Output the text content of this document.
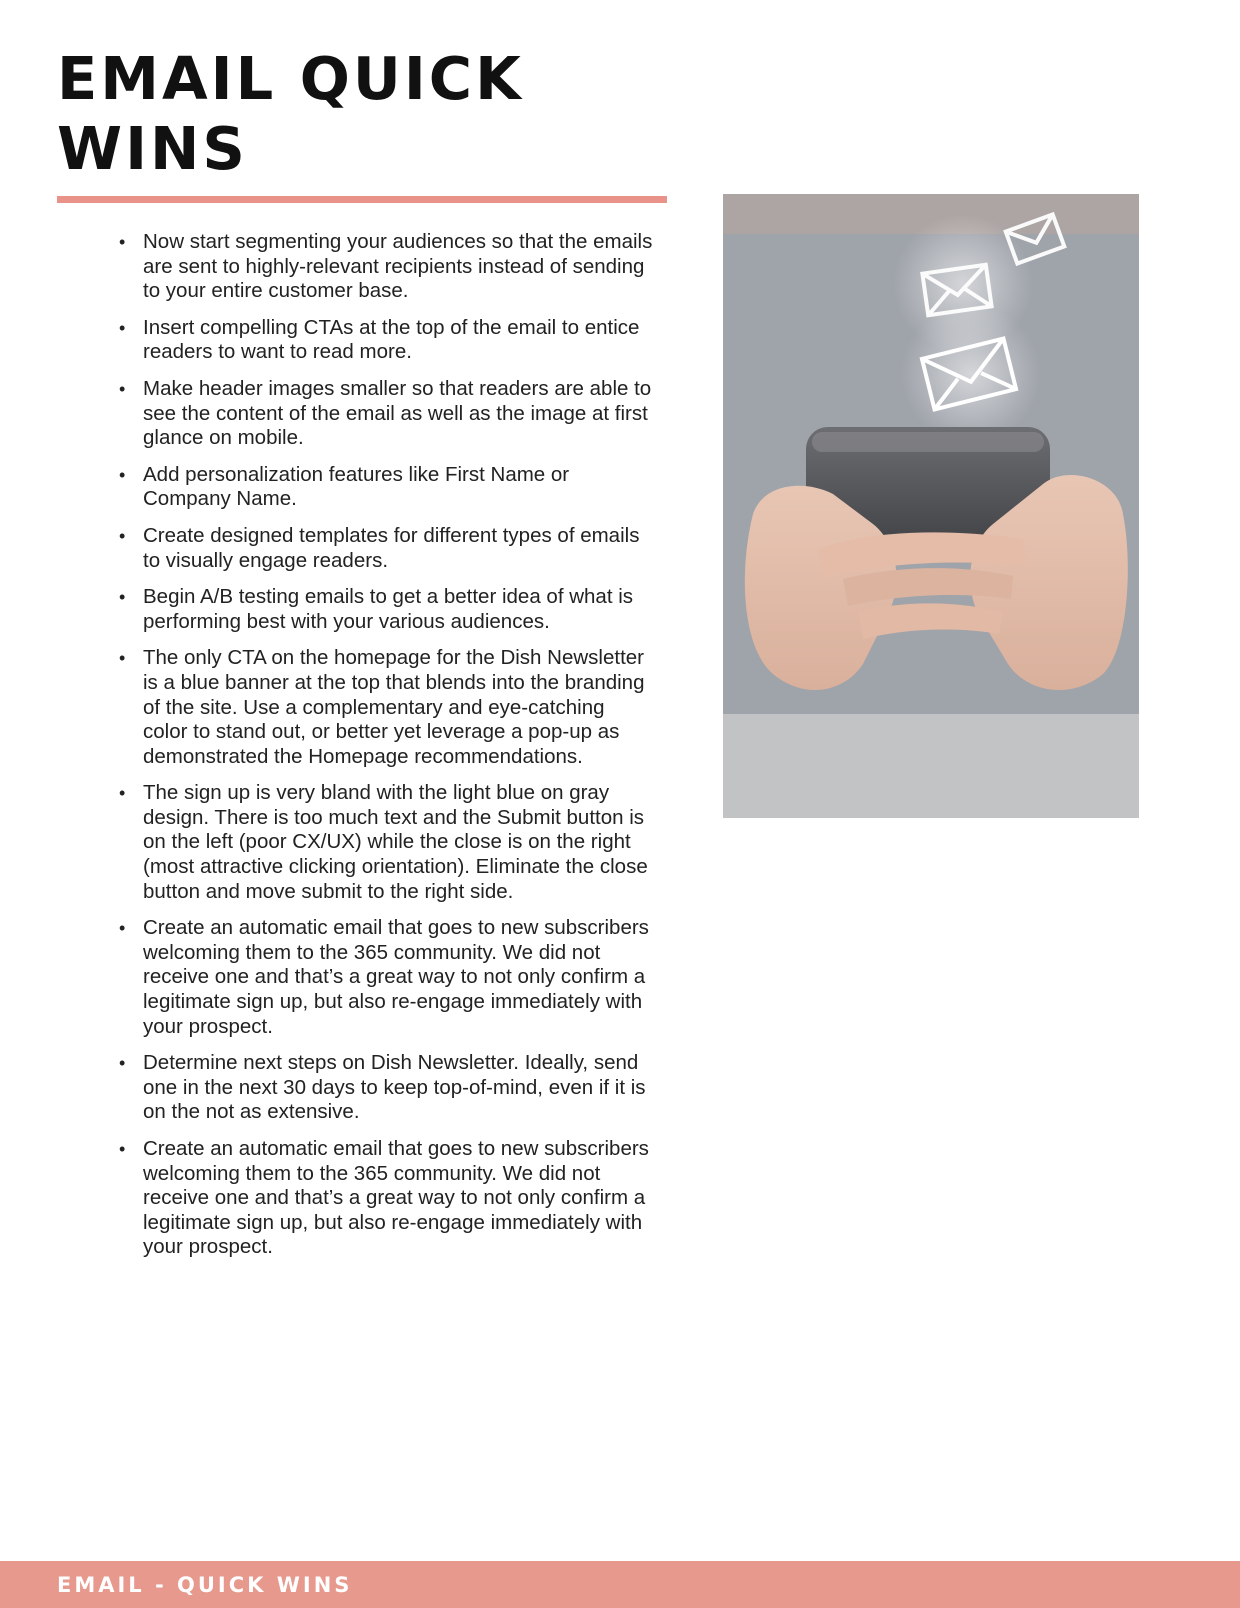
EMAIL QUICK WINS
• Now start segmenting your audiences so that the emails are sent to highly-relevant recipients instead of sending to your entire customer base.
• Insert compelling CTAs at the top of the email to entice readers to want to read more.
• Make header images smaller so that readers are able to see the content of the email as well as the image at first glance on mobile.
• Add personalization features like First Name or Company Name.
• Create designed templates for different types of emails to visually engage readers.
• Begin A/B testing emails to get a better idea of what is performing best with your various audiences.
• The only CTA on the homepage for the Dish Newsletter is a blue banner at the top that blends into the branding of the site. Use a complementary and eye-catching color to stand out, or better yet leverage a pop-up as demonstrated the Homepage recommendations.
• The sign up is very bland with the light blue on gray design. There is too much text and the Submit button is on the left (poor CX/UX) while the close is on the right (most attractive clicking orientation). Eliminate the close button and move submit to the right side.
• Create an automatic email that goes to new subscribers welcoming them to the 365 community. We did not receive one and that’s a great way to not only confirm a legitimate sign up, but also re-engage immediately with your prospect.
• Determine next steps on Dish Newsletter. Ideally, send one in the next 30 days to keep top-of-mind, even if it is on the not as extensive.
• Create an automatic email that goes to new subscribers welcoming them to the 365 community. We did not receive one and that’s a great way to not only confirm a legitimate sign up, but also re-engage immediately with your prospect.
EMAIL - QUICK WINS
